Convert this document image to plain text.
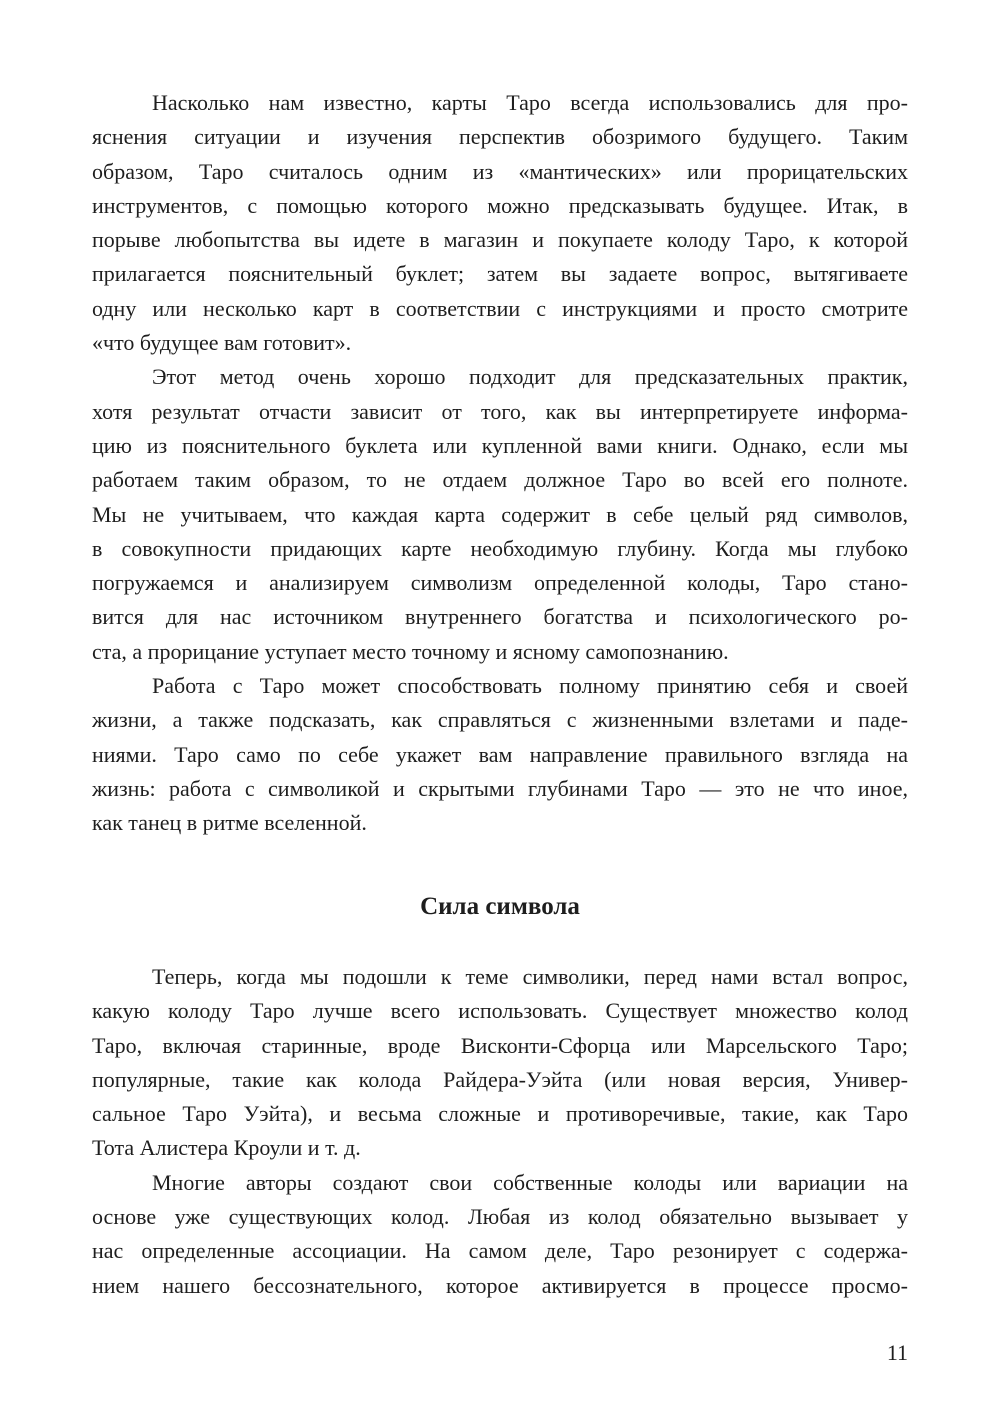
Насколько нам известно, карты Таро всегда использовались для про-
яснения ситуации и изучения перспектив обозримого будущего. Таким
образом, Таро считалось одним из «мантических» или прорицательских
инструментов, с помощью которого можно предсказывать будущее. Итак, в
порыве любопытства вы идете в магазин и покупаете колоду Таро, к которой
прилагается пояснительный буклет; затем вы задаете вопрос, вытягиваете
одну или несколько карт в соответствии с инструкциями и просто смотрите
«что будущее вам готовит».
Этот метод очень хорошо подходит для предсказательных практик,
хотя результат отчасти зависит от того, как вы интерпретируете информа-
цию из пояснительного буклета или купленной вами книги. Однако, если мы
работаем таким образом, то не отдаем должное Таро во всей его полноте.
Мы не учитываем, что каждая карта содержит в себе целый ряд символов,
в совокупности придающих карте необходимую глубину. Когда мы глубоко
погружаемся и анализируем символизм определенной колоды, Таро стано-
вится для нас источником внутреннего богатства и психологического ро-
ста, а прорицание уступает место точному и ясному самопознанию.
Работа с Таро может способствовать полному принятию себя и своей
жизни, а также подсказать, как справляться с жизненными взлетами и паде-
ниями. Таро само по себе укажет вам направление правильного взгляда на
жизнь: работа с символикой и скрытыми глубинами Таро — это не что иное,
как танец в ритме вселенной.
Сила символа
Теперь, когда мы подошли к теме символики, перед нами встал вопрос,
какую колоду Таро лучше всего использовать. Существует множество колод
Таро, включая старинные, вроде Висконти-Сфорца или Марсельского Таро;
популярные, такие как колода Райдера-Уэйта (или новая версия, Универ-
сальное Таро Уэйта), и весьма сложные и противоречивые, такие, как Таро
Тота Алистера Кроули и т. д.
Многие авторы создают свои собственные колоды или вариации на
основе уже существующих колод. Любая из колод обязательно вызывает у
нас определенные ассоциации. На самом деле, Таро резонирует с содержа-
нием нашего бессознательного, которое активируется в процессе просмо-
11
